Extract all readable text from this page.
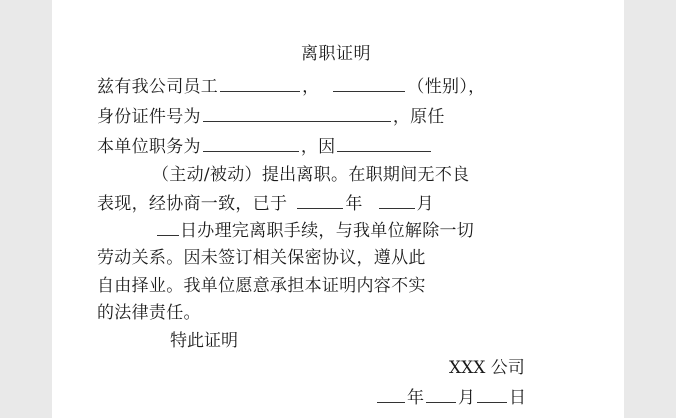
离职证明
兹有我公司员工	，	（性别），
身份证件号为	，原任
本单位职务为	，因
（主动/被动）提出离职。在职期间无不良
表现，经协商一致，已于	年	月
日办理完离职手续，与我单位解除一切
劳动关系。因未签订相关保密协议，遵从此
自由择业。我单位愿意承担本证明内容不实
的法律责任。
特此证明
XXX 公司
年 月 日
